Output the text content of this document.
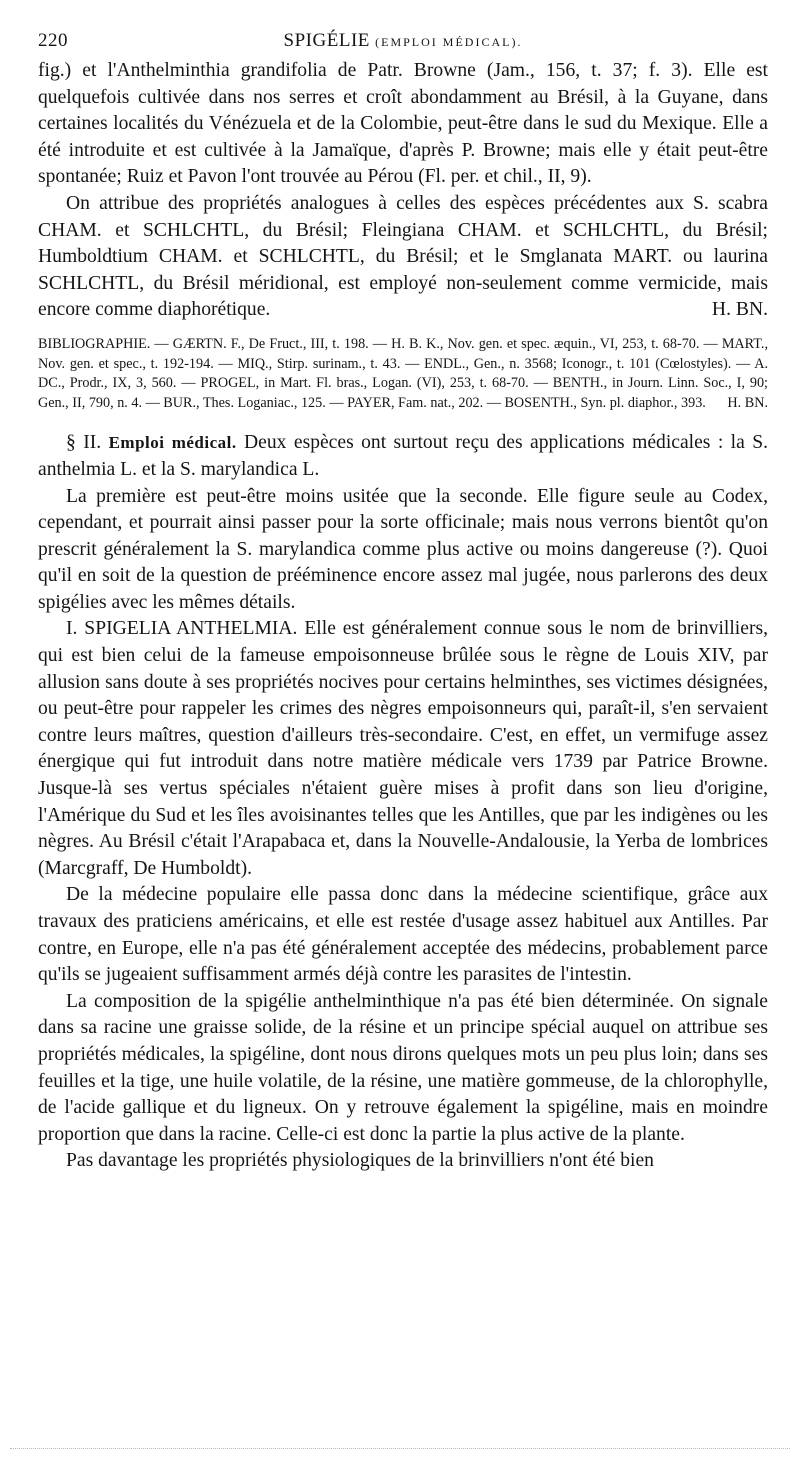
220	SPIGÉLIE (EMPLOI MÉDICAL).

fig.) et l'Anthelminthia grandifolia de Patr. Browne (Jam., 156, t. 37; f. 3). Elle est quelquefois cultivée dans nos serres et croît abondamment au Brésil, à la Guyane, dans certaines localités du Vénézuela et de la Colombie, peut-être dans le sud du Mexique. Elle a été introduite et est cultivée à la Jamaïque, d'après P. Browne; mais elle y était peut-être spontanée; Ruiz et Pavon l'ont trouvée au Pérou (Fl. per. et chil., II, 9).

On attribue des propriétés analogues à celles des espèces précédentes aux S. scabra CHAM. et SCHLCHTL, du Brésil; Fleingiana CHAM. et SCHLCHTL, du Brésil; Humboldtium CHAM. et SCHLCHTL, du Brésil; et le Smglanata MART. ou laurina SCHLCHTL, du Brésil méridional, est employé non-seulement comme vermicide, mais encore comme diaphorétique.	H. BN.

BIBLIOGRAPHIE. — GÆRTN. F., De Fruct., III, t. 198. — H. B. K., Nov. gen. et spec. æquin., VI, 253, t. 68-70. — MART., Nov. gen. et spec., t. 192-194. — MIQ., Stirp. surinam., t. 43. — ENDL., Gen., n. 3568; Iconogr., t. 101 (Cœlostyles). — A. DC., Prodr., IX, 3, 560. — PROGEL, in Mart. Fl. bras., Logan. (VI), 253, t. 68-70. — BENTH., in Journ. Linn. Soc., I, 90; Gen., II, 790, n. 4. — BUR., Thes. Loganiac., 125. — PAYER, Fam. nat., 202. — BOSENTH., Syn. pl. diaphor., 393. H. BN.

§ II. Emploi médical. Deux espèces ont surtout reçu des applications médicales : la S. anthelmia L. et la S. marylandica L.

La première est peut-être moins usitée que la seconde. Elle figure seule au Codex, cependant, et pourrait ainsi passer pour la sorte officinale; mais nous verrons bientôt qu'on prescrit généralement la S. marylandica comme plus active ou moins dangereuse (?). Quoi qu'il en soit de la question de prééminence encore assez mal jugée, nous parlerons des deux spigélies avec les mêmes détails.

I. SPIGELIA ANTHELMIA. Elle est généralement connue sous le nom de brinvilliers, qui est bien celui de la fameuse empoisonneuse brûlée sous le règne de Louis XIV, par allusion sans doute à ses propriétés nocives pour certains helminthes, ses victimes désignées, ou peut-être pour rappeler les crimes des nègres empoisonneurs qui, paraît-il, s'en servaient contre leurs maîtres, question d'ailleurs très-secondaire. C'est, en effet, un vermifuge assez énergique qui fut introduit dans notre matière médicale vers 1739 par Patrice Browne. Jusque-là ses vertus spéciales n'étaient guère mises à profit dans son lieu d'origine, l'Amérique du Sud et les îles avoisinantes telles que les Antilles, que par les indigènes ou les nègres. Au Brésil c'était l'Arapabaca et, dans la Nouvelle-Andalousie, la Yerba de lombrices (Marcgraff, De Humboldt).

De la médecine populaire elle passa donc dans la médecine scientifique, grâce aux travaux des praticiens américains, et elle est restée d'usage assez habituel aux Antilles. Par contre, en Europe, elle n'a pas été généralement acceptée des médecins, probablement parce qu'ils se jugeaient suffisamment armés déjà contre les parasites de l'intestin.

La composition de la spigélie anthelminthique n'a pas été bien déterminée. On signale dans sa racine une graisse solide, de la résine et un principe spécial auquel on attribue ses propriétés médicales, la spigéline, dont nous dirons quelques mots un peu plus loin; dans ses feuilles et la tige, une huile volatile, de la résine, une matière gommeuse, de la chlorophylle, de l'acide gallique et du ligneux. On y retrouve également la spigéline, mais en moindre proportion que dans la racine. Celle-ci est donc la partie la plus active de la plante.

Pas davantage les propriétés physiologiques de la brinvilliers n'ont été bien
